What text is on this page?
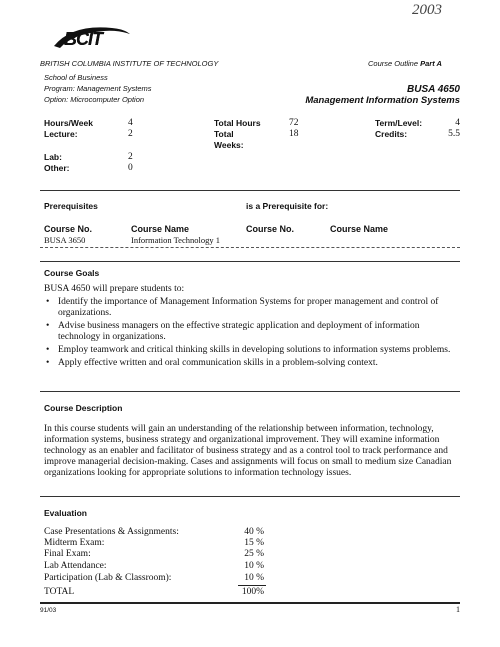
2003
BCIT
BRITISH COLUMBIA INSTITUTE OF TECHNOLOGY	Course Outline Part A
School of Business
Program: Management Systems
Option: Microcomputer Option
BUSA 4650
Management Information Systems
Hours/Week	4
Lecture:	2
Lab:	2
Other:	0
Total Hours	72
Total Weeks:
18
Term/Level:	4
Credits:	5.5
Prerequisites	is a Prerequisite for:
Course No.	Course Name	Course No.	Course Name
BUSA 3650	Information Technology 1
Course Goals
BUSA 4650 will prepare students to:
• Identify the importance of Management Information Systems for proper management and control of organizations.
• Advise business managers on the effective strategic application and deployment of information technology in organizations.
• Employ teamwork and critical thinking skills in developing solutions to information systems problems.
• Apply effective written and oral communication skills in a problem-solving context.
Course Description
In this course students will gain an understanding of the relationship between information, technology, information systems, business strategy and organizational improvement. They will examine information technology as an enabler and facilitator of business strategy and as a control tool to track performance and improve managerial decision-making. Cases and assignments will focus on small to medium size Canadian organizations looking for appropriate solutions to information technology issues.
Evaluation
Case Presentations & Assignments:	40 %
Midterm Exam:	15 %
Final Exam:	25 %
Lab Attendance:	10 %
Participation (Lab & Classroom):	10 %
TOTAL	100%
91/03	1
